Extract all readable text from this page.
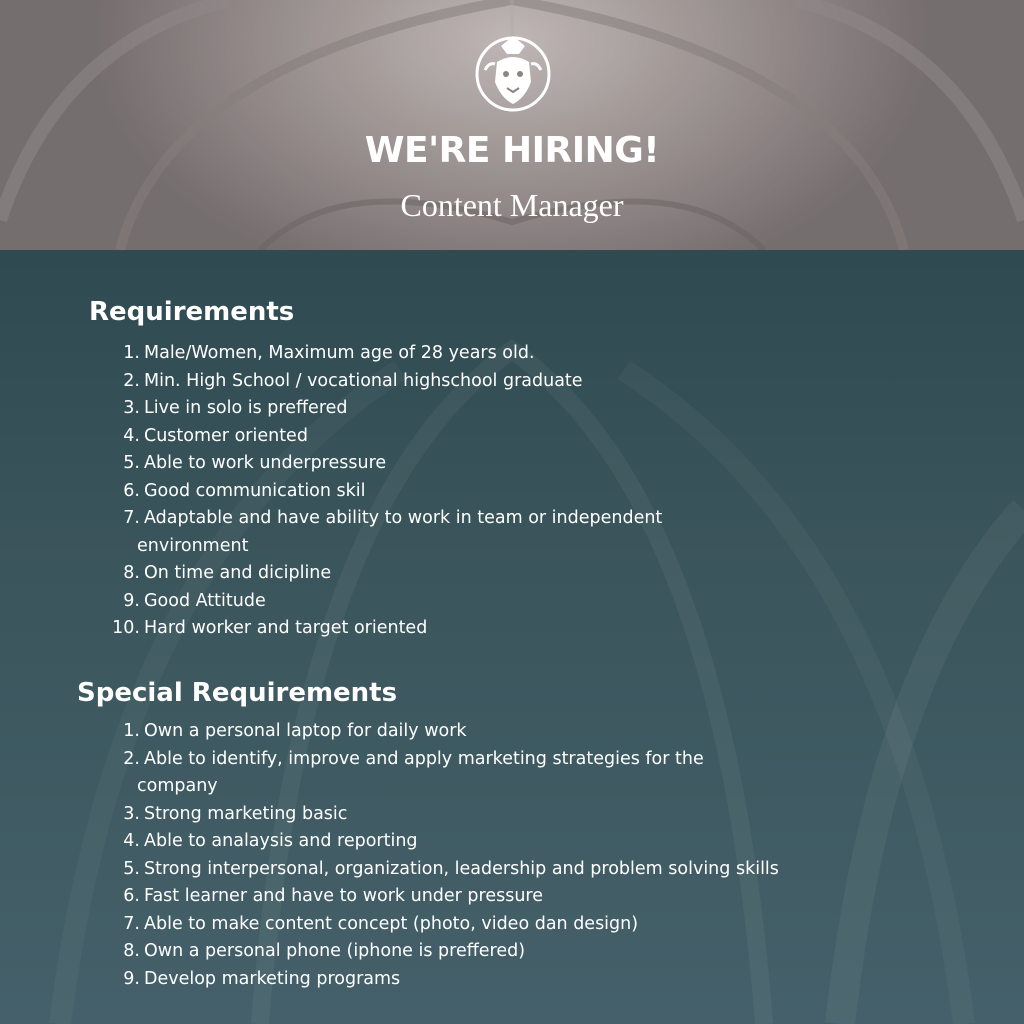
WE'RE HIRING!
Content Manager
Requirements
1. Male/Women, Maximum age of 28 years old.
2. Min. High School / vocational highschool graduate
3. Live in solo is preffered
4. Customer oriented
5. Able to work underpressure
6. Good communication skil
7. Adaptable and have ability to work in team or independent
environment
8. On time and dicipline
9. Good Attitude
10. Hard worker and target oriented
Special Requirements
1. Own a personal laptop for daily work
2. Able to identify, improve and apply marketing strategies for the
company
3. Strong marketing basic
4. Able to analaysis and reporting
5. Strong interpersonal, organization, leadership and problem solving skills
6. Fast learner and have to work under pressure
7. Able to make content concept (photo, video dan design)
8. Own a personal phone (iphone is preffered)
9. Develop marketing programs
